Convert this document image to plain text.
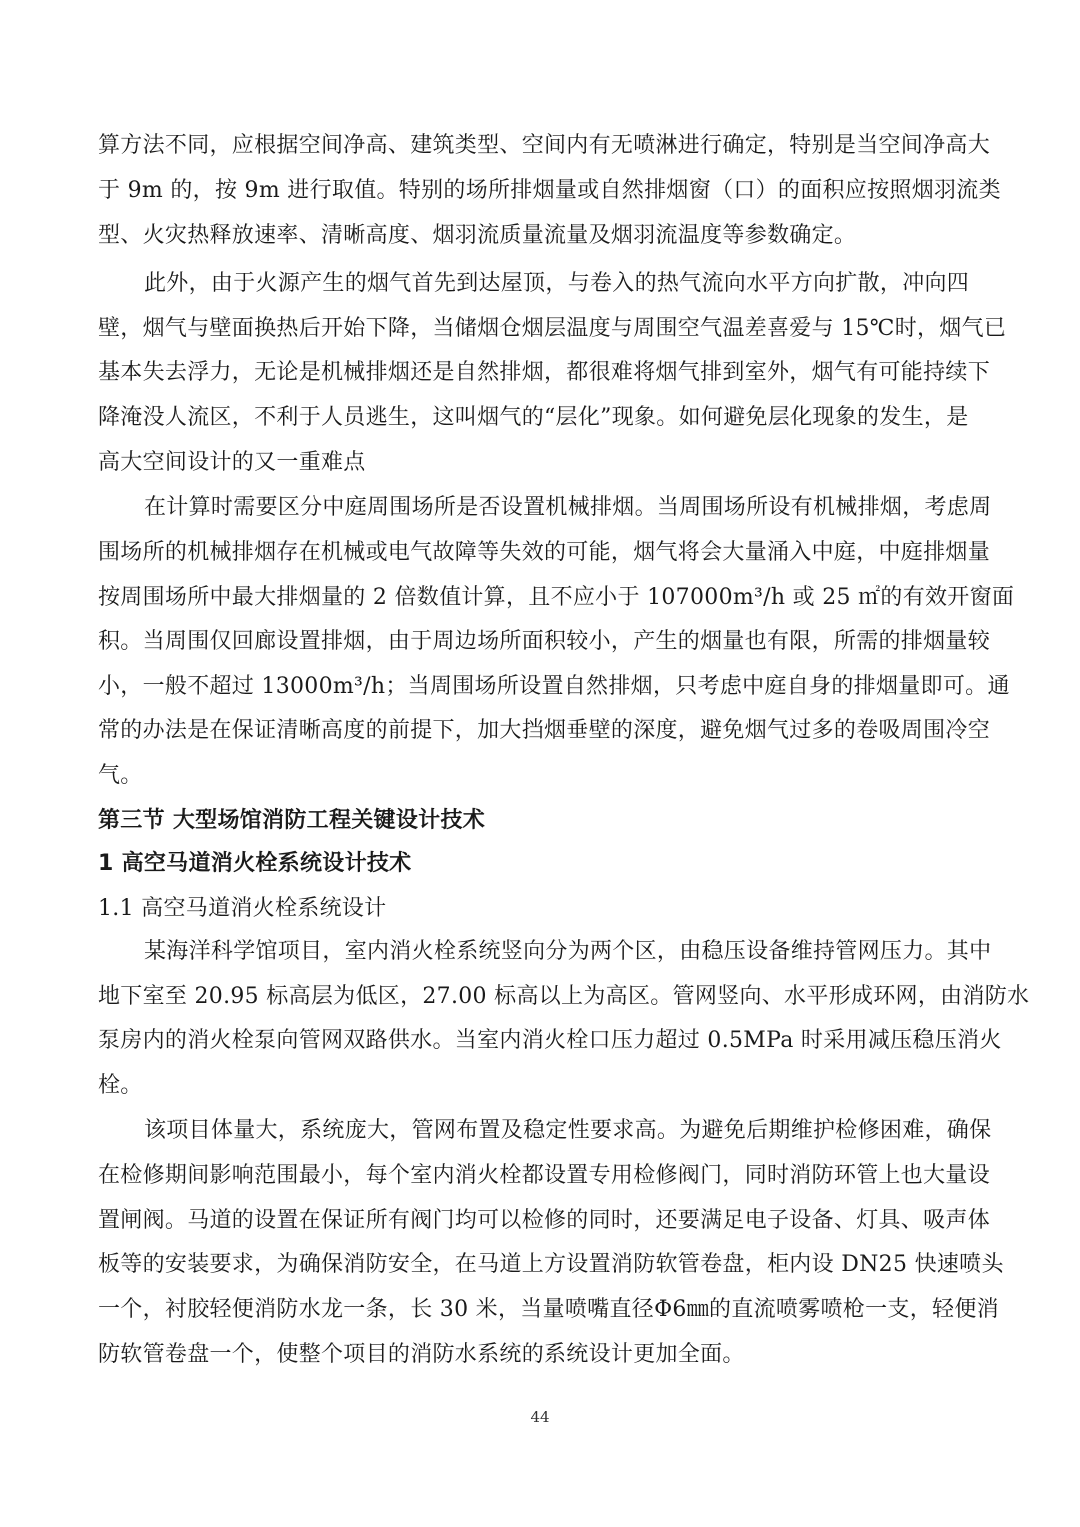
算方法不同，应根据空间净高、建筑类型、空间内有无喷淋进行确定，特别是当空间净高大
于 9m 的，按 9m 进行取值。特别的场所排烟量或自然排烟窗（口）的面积应按照烟羽流类
型、火灾热释放速率、清晰高度、烟羽流质量流量及烟羽流温度等参数确定。
此外，由于火源产生的烟气首先到达屋顶，与卷入的热气流向水平方向扩散，冲向四
壁，烟气与壁面换热后开始下降，当储烟仓烟层温度与周围空气温差喜爱与 15℃时，烟气已
基本失去浮力，无论是机械排烟还是自然排烟，都很难将烟气排到室外，烟气有可能持续下
降淹没人流区，不利于人员逃生，这叫烟气的“层化”现象。如何避免层化现象的发生，是
高大空间设计的又一重难点
在计算时需要区分中庭周围场所是否设置机械排烟。当周围场所设有机械排烟，考虑周
围场所的机械排烟存在机械或电气故障等失效的可能，烟气将会大量涌入中庭，中庭排烟量
按周围场所中最大排烟量的 2 倍数值计算，且不应小于 107000m³/h 或 25 ㎡的有效开窗面
积。当周围仅回廊设置排烟，由于周边场所面积较小，产生的烟量也有限，所需的排烟量较
小，一般不超过 13000m³/h；当周围场所设置自然排烟，只考虑中庭自身的排烟量即可。通
常的办法是在保证清晰高度的前提下，加大挡烟垂壁的深度，避免烟气过多的卷吸周围冷空
气。
第三节 大型场馆消防工程关键设计技术
1 高空马道消火栓系统设计技术
1.1 高空马道消火栓系统设计
某海洋科学馆项目，室内消火栓系统竖向分为两个区，由稳压设备维持管网压力。其中
地下室至 20.95 标高层为低区，27.00 标高以上为高区。管网竖向、水平形成环网，由消防水
泵房内的消火栓泵向管网双路供水。当室内消火栓口压力超过 0.5MPa 时采用减压稳压消火
栓。
该项目体量大，系统庞大，管网布置及稳定性要求高。为避免后期维护检修困难，确保
在检修期间影响范围最小，每个室内消火栓都设置专用检修阀门，同时消防环管上也大量设
置闸阀。马道的设置在保证所有阀门均可以检修的同时，还要满足电子设备、灯具、吸声体
板等的安装要求，为确保消防安全，在马道上方设置消防软管卷盘，柜内设 DN25 快速喷头
一个，衬胶轻便消防水龙一条，长 30 米，当量喷嘴直径Φ6㎜的直流喷雾喷枪一支，轻便消
防软管卷盘一个，使整个项目的消防水系统的系统设计更加全面。
44
